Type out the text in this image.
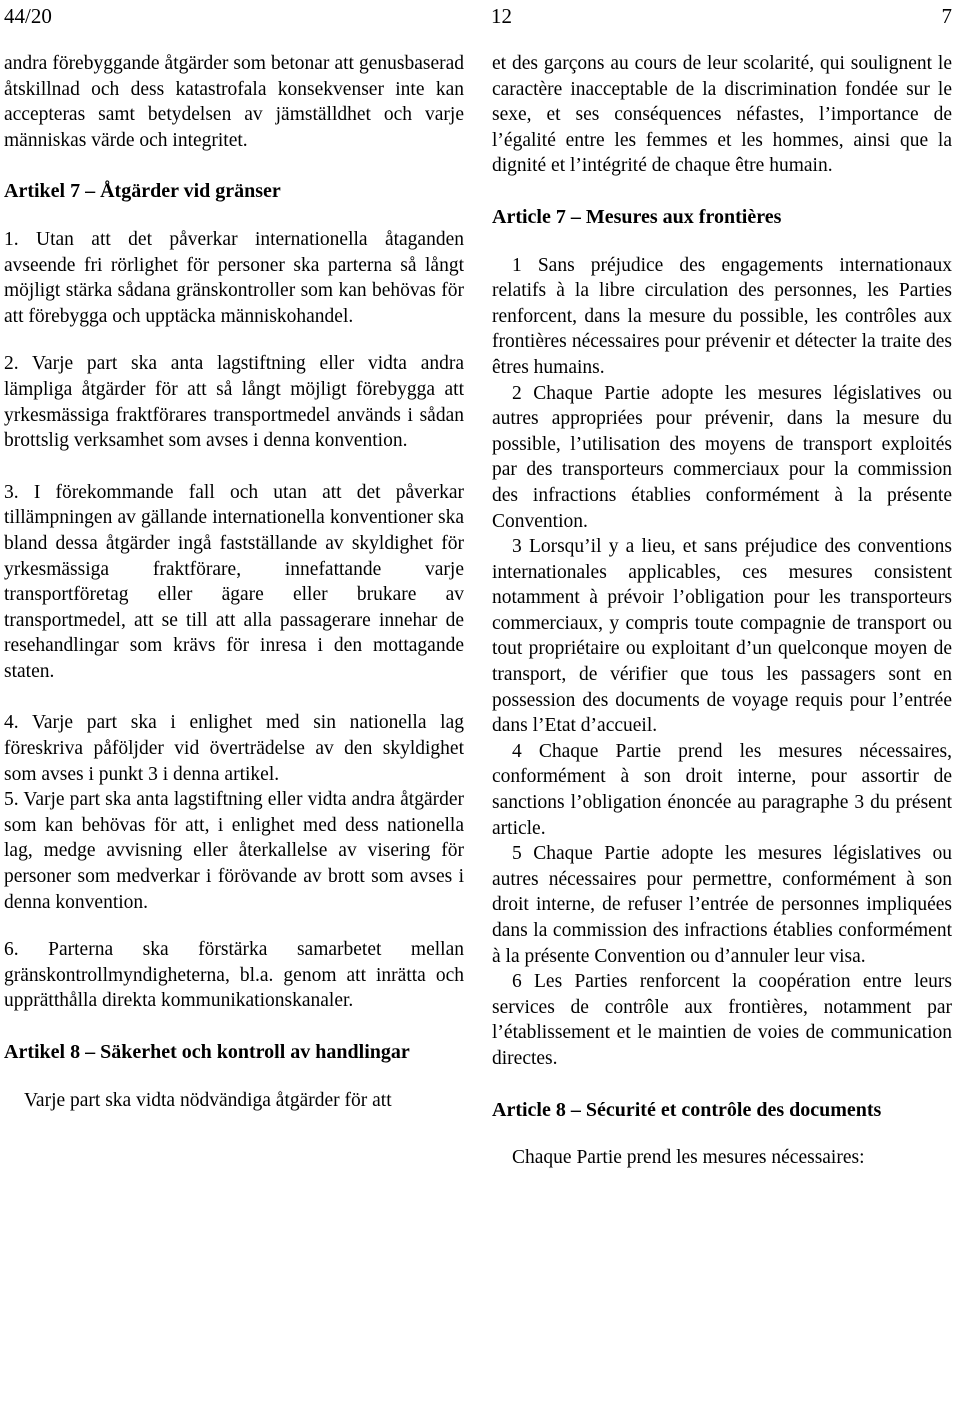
44/20	12	7

andra förebyggande åtgärder som betonar att genusbaserad åtskillnad och dess katastrofala konsekvenser inte kan accepteras samt betydelsen av jämställdhet och varje människas värde och integritet.

Artikel 7 – Åtgärder vid gränser

1. Utan att det påverkar internationella åtaganden avseende fri rörlighet för personer ska parterna så långt möjligt stärka sådana gränskontroller som kan behövas för att förebygga och upptäcka människohandel.

2. Varje part ska anta lagstiftning eller vidta andra lämpliga åtgärder för att så långt möjligt förebygga att yrkesmässiga fraktförares transportmedel används i sådan brottslig verksamhet som avses i denna konvention.

3. I förekommande fall och utan att det påverkar tillämpningen av gällande internationella konventioner ska bland dessa åtgärder ingå fastställande av skyldighet för yrkesmässiga fraktförare, innefattande varje transportföretag eller ägare eller brukare av transportmedel, att se till att alla passagerare innehar de resehandlingar som krävs för inresa i den mottagande staten.

4. Varje part ska i enlighet med sin nationella lag föreskriva påföljder vid överträdelse av den skyldighet som avses i punkt 3 i denna artikel.

5. Varje part ska anta lagstiftning eller vidta andra åtgärder som kan behövas för att, i enlighet med dess nationella lag, medge avvisning eller återkallelse av visering för personer som medverkar i förövande av brott som avses i denna konvention.

6. Parterna ska förstärka samarbetet mellan gränskontrollmyndigheterna, bl.a. genom att inrätta och upprätthålla direkta kommunikationskanaler.

Artikel 8 – Säkerhet och kontroll av handlingar

Varje part ska vidta nödvändiga åtgärder för att

et des garçons au cours de leur scolarité, qui soulignent le caractère inacceptable de la discrimination fondée sur le sexe, et ses conséquences néfastes, l’importance de l’égalité entre les femmes et les hommes, ainsi que la dignité et l’intégrité de chaque être humain.

Article 7 – Mesures aux frontières

1 Sans préjudice des engagements internationaux relatifs à la libre circulation des personnes, les Parties renforcent, dans la mesure du possible, les contrôles aux frontières nécessaires pour prévenir et détecter la traite des êtres humains.

2 Chaque Partie adopte les mesures législatives ou autres appropriées pour prévenir, dans la mesure du possible, l’utilisation des moyens de transport exploités par des transporteurs commerciaux pour la commission des infractions établies conformément à la présente Convention.

3 Lorsqu’il y a lieu, et sans préjudice des conventions internationales applicables, ces mesures consistent notamment à prévoir l’obligation pour les transporteurs commerciaux, y compris toute compagnie de transport ou tout propriétaire ou exploitant d’un quelconque moyen de transport, de vérifier que tous les passagers sont en possession des documents de voyage requis pour l’entrée dans l’Etat d’accueil.

4 Chaque Partie prend les mesures nécessaires, conformément à son droit interne, pour assortir de sanctions l’obligation énoncée au paragraphe 3 du présent article.

5 Chaque Partie adopte les mesures législatives ou autres nécessaires pour permettre, conformément à son droit interne, de refuser l’entrée de personnes impliquées dans la commission des infractions établies conformément à la présente Convention ou d’annuler leur visa.

6 Les Parties renforcent la coopération entre leurs services de contrôle aux frontières, notamment par l’établissement et le maintien de voies de communication directes.

Article 8 – Sécurité et contrôle des documents

Chaque Partie prend les mesures nécessaires:
